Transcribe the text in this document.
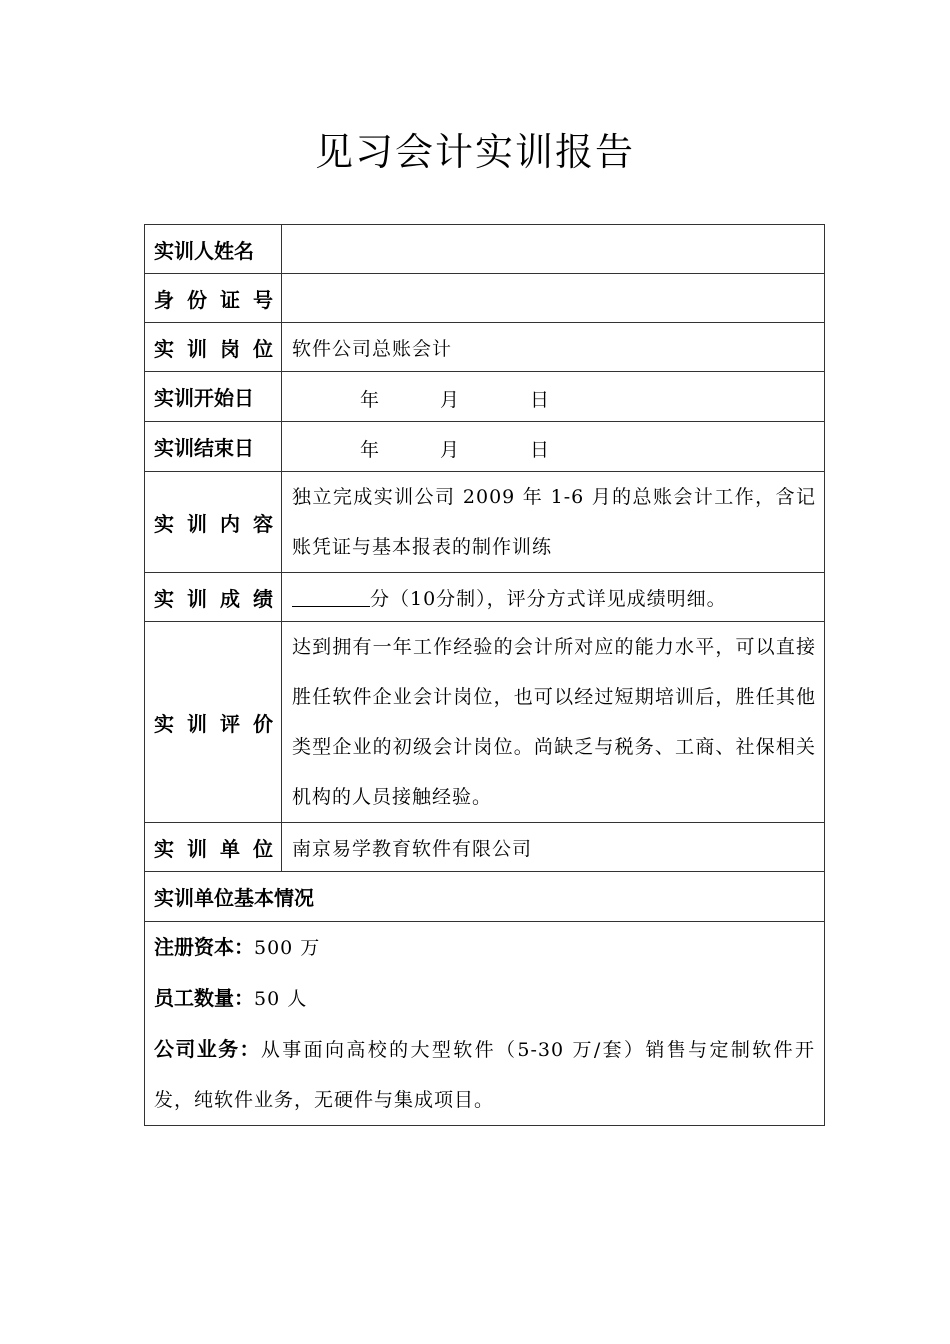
见习会计实训报告
实训人姓名	

身 份 证 号	

实 训 岗 位	软件公司总账会计
实训开始日	年 月 日

实训结束日	年 月 日

实 训 内 容	独立完成实训公司 2009 年 1-6 月的总账会计工作，含记账凭证与基本报表的制作训练

实 训 成 绩	分（10分制），评分方式详见成绩明细。

实 训 评 价	达到拥有一年工作经验的会计所对应的能力水平，可以直接胜任软件企业会计岗位，也可以经过短期培训后，胜任其他类型企业的初级会计岗位。尚缺乏与税务、工商、社保相关机构的人员接触经验。

实 训 单 位	南京易学教育软件有限公司
实训单位基本情况	

注册资本：500 万
员工数量：50 人
公司业务：从事面向高校的大型软件（5-30 万/套）销售与定制软件开发，纯软件业务，无硬件与集成项目。	
